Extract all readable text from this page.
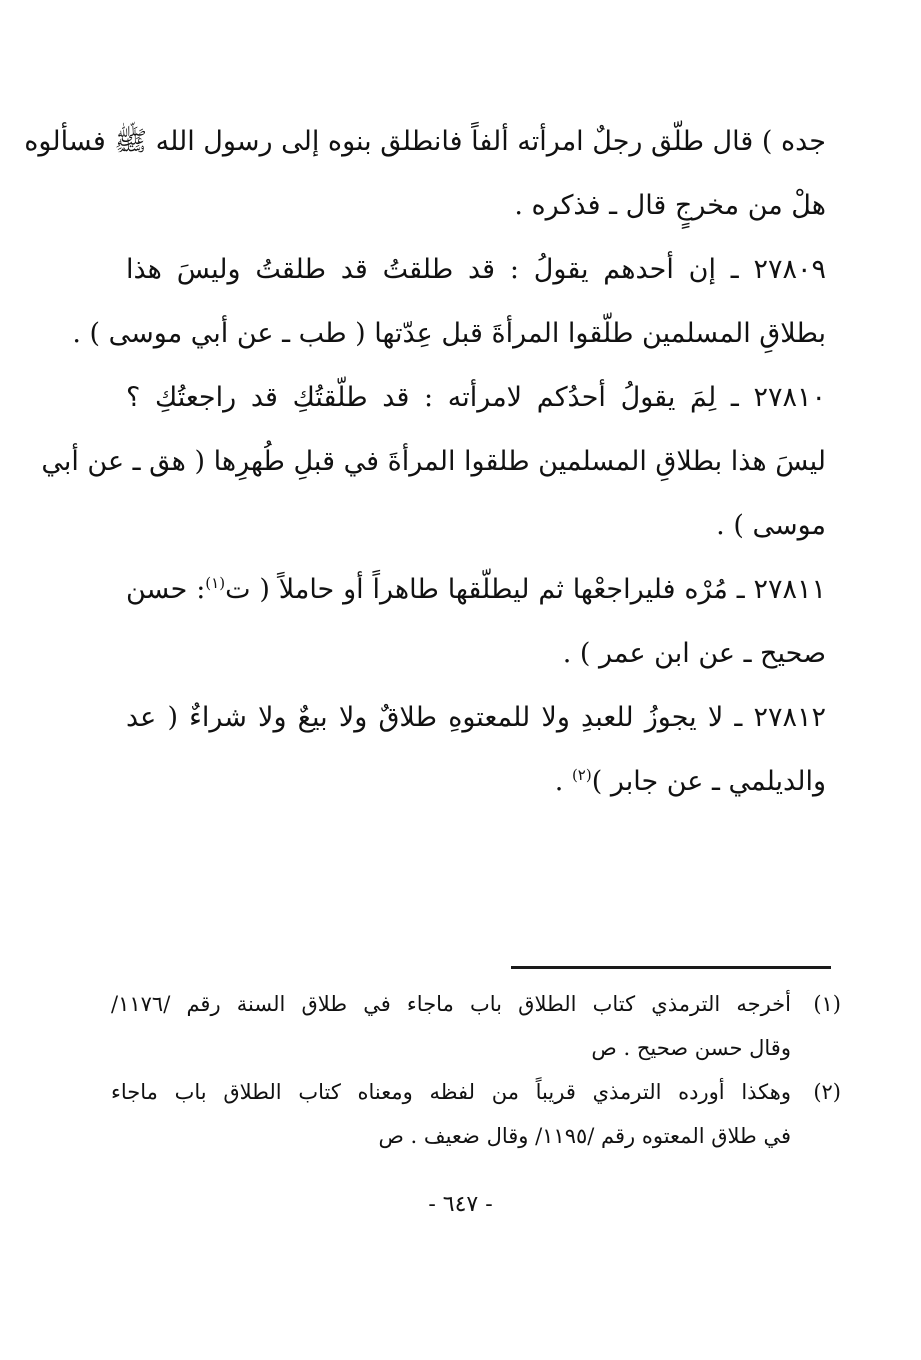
جده ) قال طلّق رجلٌ امرأته ألفاً فانطلق بنوه إلى رسول الله ﷺ فسألوه
هلْ من مخرجٍ قال ـ فذكره .
٢٧٨٠٩ ـ إن أحدهم يقولُ : قد طلقتُ قد طلقتُ وليسَ هذا
بطلاقِ المسلمين طلّقوا المرأةَ قبل عِدّتها ( طب ـ عن أبي موسى ) .
٢٧٨١٠ ـ لِمَ يقولُ أحدُكم لامرأته : قد طلّقتُكِ قد راجعتُكِ ؟
ليسَ هذا بطلاقِ المسلمين طلقوا المرأةَ في قبلِ طُهرِها ( هق ـ عن أبي
موسى ) .
٢٧٨١١ ـ مُرْه فليراجعْها ثم ليطلّقها طاهراً أو حاملاً ( ت$^{(١)}$: حسن
صحيح ـ عن ابن عمر ) .
٢٧٨١٢ ـ لا يجوزُ للعبدِ ولا للمعتوهِ طلاقٌ ولا بيعٌ ولا شراءٌ ( عد
والديلمي ـ عن جابر )$^{(٢)}$ .
(١)
أخرجه الترمذي كتاب الطلاق باب ماجاء في طلاق السنة رقم /١١٧٦/
وقال حسن صحيح . ص
(٢)
وهكذا أورده الترمذي قريباً من لفظه ومعناه كتاب الطلاق باب ماجاء
في طلاق المعتوه رقم /١١٩٥/ وقال ضعيف . ص
- ٦٤٧ -
